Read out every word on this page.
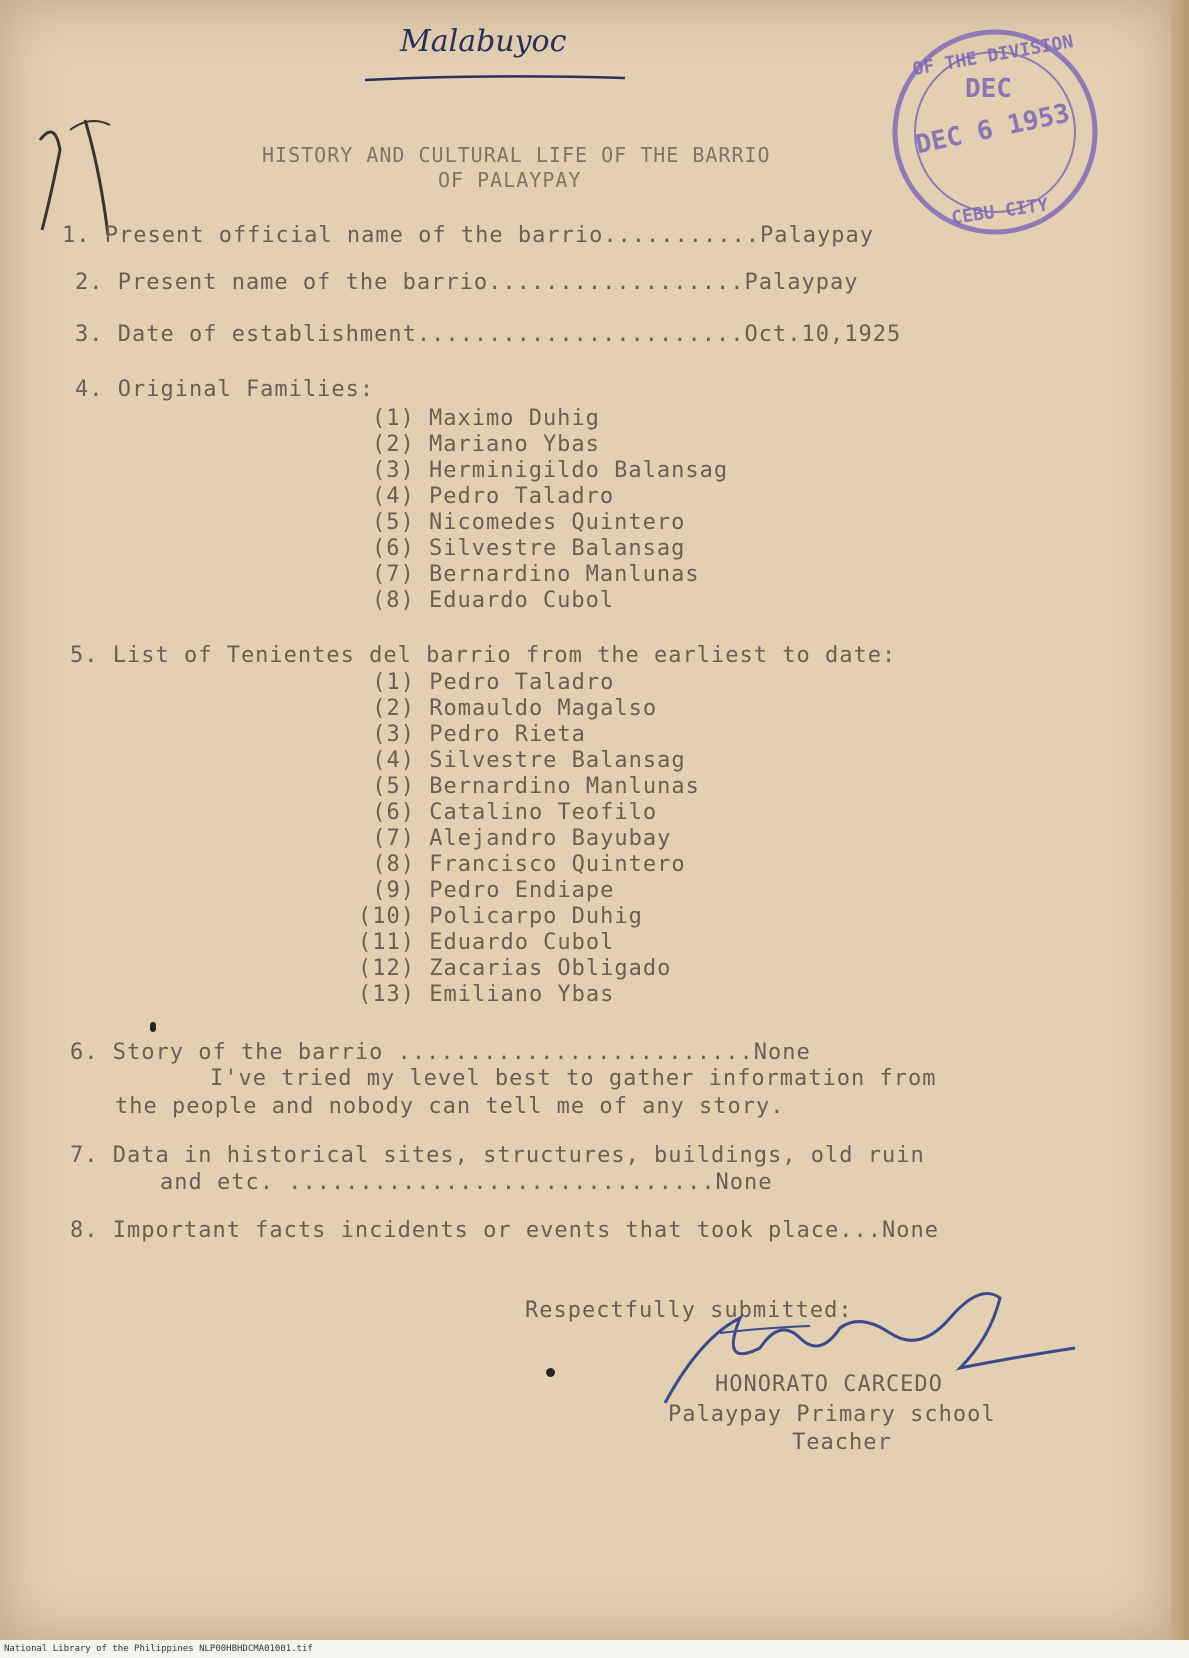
Malabuyoc	OF THE DIVISION
DEC
DEC 6 1953
CEBU CITY
HISTORY AND CULTURAL LIFE OF THE BARRIO
OF PALAYPAY
1. Present official name of the barrio...........Palaypay
2. Present name of the barrio..................Palaypay
3. Date of establishment.......................Oct.10,1925
4. Original Families:
(1) Maximo Duhig
(2) Mariano Ybas
(3) Herminigildo Balansag
(4) Pedro Taladro
(5) Nicomedes Quintero
(6) Silvestre Balansag
(7) Bernardino Manlunas
(8) Eduardo Cubol
5. List of Tenientes del barrio from the earliest to date:
(1) Pedro Taladro
(2) Romauldo Magalso
(3) Pedro Rieta
(4) Silvestre Balansag
(5) Bernardino Manlunas
(6) Catalino Teofilo
(7) Alejandro Bayubay
(8) Francisco Quintero
(9) Pedro Endiape
(10) Policarpo Duhig
(11) Eduardo Cubol
(12) Zacarias Obligado
(13) Emiliano Ybas
6. Story of the barrio .........................None
I've tried my level best to gather information from
the people and nobody can tell me of any story.
7. Data in historical sites, structures, buildings, old ruin
and etc. ..............................None
8. Important facts incidents or events that took place...None
Respectfully submitted:
HONORATO CARCEDO
Palaypay Primary school
Teacher
National Library of the Philippines NLP00HBHDCMA01001.tif
